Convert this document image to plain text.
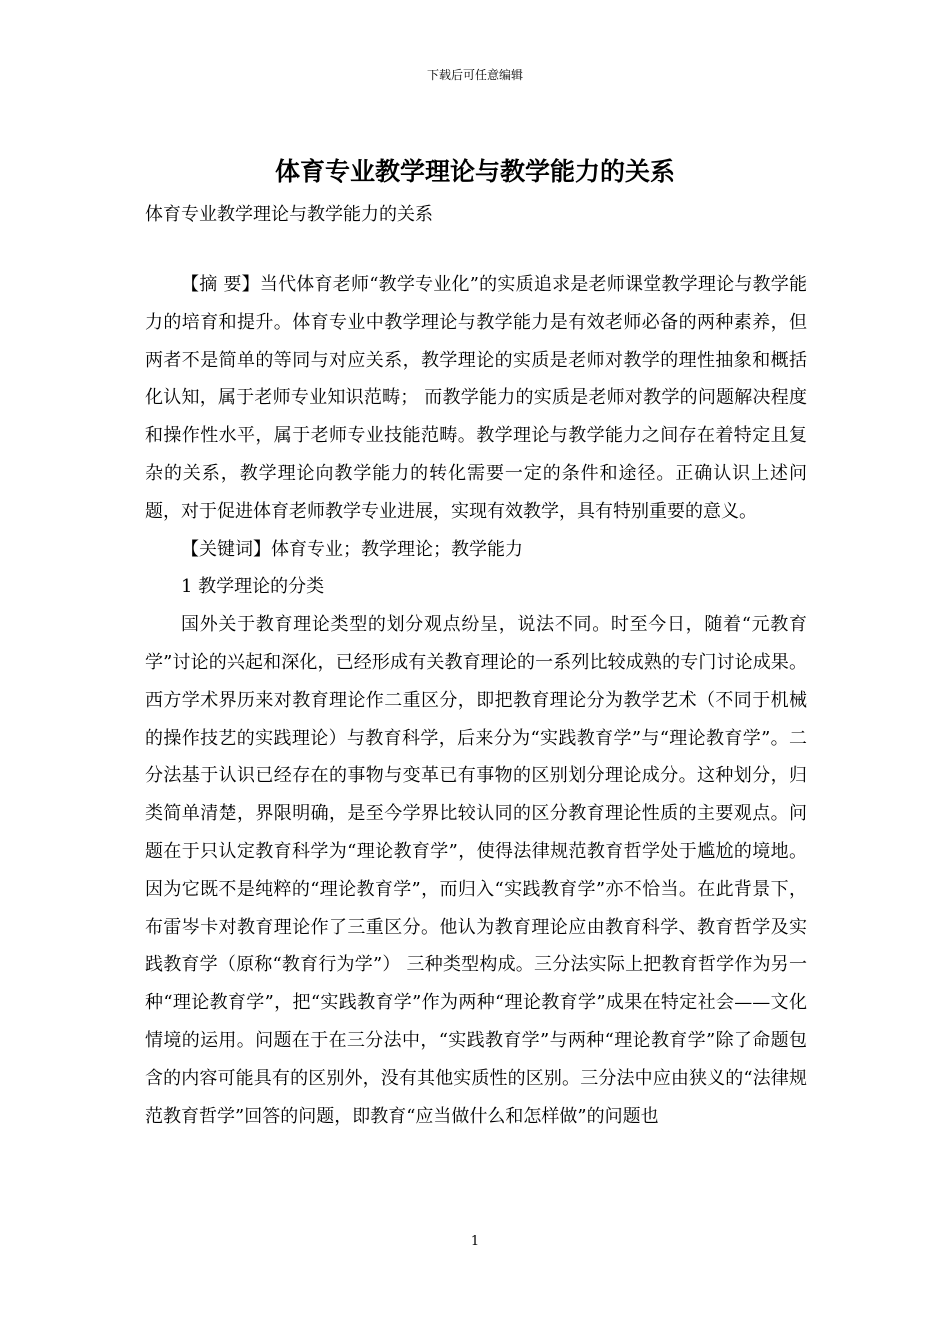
下载后可任意编辑
体育专业教学理论与教学能力的关系
体育专业教学理论与教学能力的关系

【摘 要】当代体育老师“教学专业化”的实质追求是老师课堂教学理论与教学能力的培育和提升。体育专业中教学理论与教学能力是有效老师必备的两种素养，但两者不是简单的等同与对应关系，教学理论的实质是老师对教学的理性抽象和概括化认知，属于老师专业知识范畴； 而教学能力的实质是老师对教学的问题解决程度和操作性水平，属于老师专业技能范畴。教学理论与教学能力之间存在着特定且复杂的关系，教学理论向教学能力的转化需要一定的条件和途径。正确认识上述问题，对于促进体育老师教学专业进展，实现有效教学，具有特别重要的意义。

【关键词】体育专业；教学理论；教学能力

1 教学理论的分类

国外关于教育理论类型的划分观点纷呈，说法不同。时至今日，随着“元教育学”讨论的兴起和深化，已经形成有关教育理论的一系列比较成熟的专门讨论成果。西方学术界历来对教育理论作二重区分，即把教育理论分为教学艺术（不同于机械的操作技艺的实践理论）与教育科学，后来分为“实践教育学”与“理论教育学”。二分法基于认识已经存在的事物与变革已有事物的区别划分理论成分。这种划分，归类简单清楚，界限明确，是至今学界比较认同的区分教育理论性质的主要观点。问题在于只认定教育科学为“理论教育学”，使得法律规范教育哲学处于尴尬的境地。因为它既不是纯粹的“理论教育学”，而归入“实践教育学”亦不恰当。在此背景下，布雷岑卡对教育理论作了三重区分。他认为教育理论应由教育科学、教育哲学及实践教育学（原称“教育行为学”） 三种类型构成。三分法实际上把教育哲学作为另一种“理论教育学”，把“实践教育学”作为两种“理论教育学”成果在特定社会——文化情境的运用。问题在于在三分法中，“实践教育学”与两种“理论教育学”除了命题包含的内容可能具有的区别外，没有其他实质性的区别。三分法中应由狭义的“法律规范教育哲学”回答的问题，即教育“应当做什么和怎样做”的问题也

1
